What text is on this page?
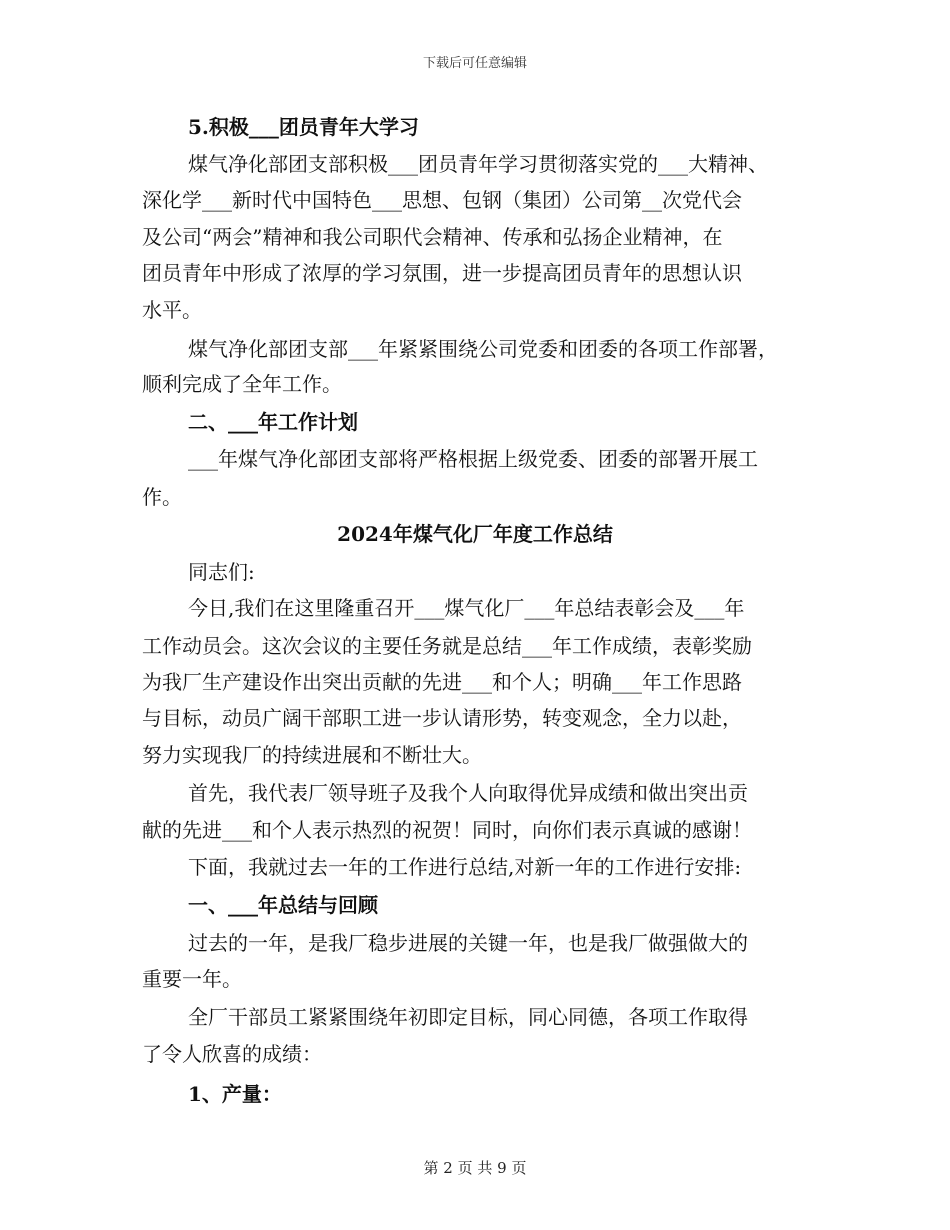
下载后可任意编辑
5.积极___团员青年大学习
煤气净化部团支部积极___团员青年学习贯彻落实党的___大精神、
深化学___新时代中国特色___思想、包钢（集团）公司第__次党代会
及公司“两会”精神和我公司职代会精神、传承和弘扬企业精神，在
团员青年中形成了浓厚的学习氛围，进一步提高团员青年的思想认识
水平。
煤气净化部团支部___年紧紧围绕公司党委和团委的各项工作部署，
顺利完成了全年工作。
二、___年工作计划
___年煤气净化部团支部将严格根据上级党委、团委的部署开展工
作。
2024年煤气化厂年度工作总结
同志们:
今日,我们在这里隆重召开___煤气化厂___年总结表彰会及___年
工作动员会。这次会议的主要任务就是总结___年工作成绩，表彰奖励
为我厂生产建设作出突出贡献的先进___和个人；明确___年工作思路
与目标，动员广阔干部职工进一步认请形势，转变观念，全力以赴，
努力实现我厂的持续进展和不断壮大。
首先，我代表厂领导班子及我个人向取得优异成绩和做出突出贡
献的先进___和个人表示热烈的祝贺！同时，向你们表示真诚的感谢！
下面，我就过去一年的工作进行总结,对新一年的工作进行安排:
一、___年总结与回顾
过去的一年，是我厂稳步进展的关键一年，也是我厂做强做大的
重要一年。
全厂干部员工紧紧围绕年初即定目标，同心同德，各项工作取得
了令人欣喜的成绩：
1、产量：
第 2 页 共 9 页
